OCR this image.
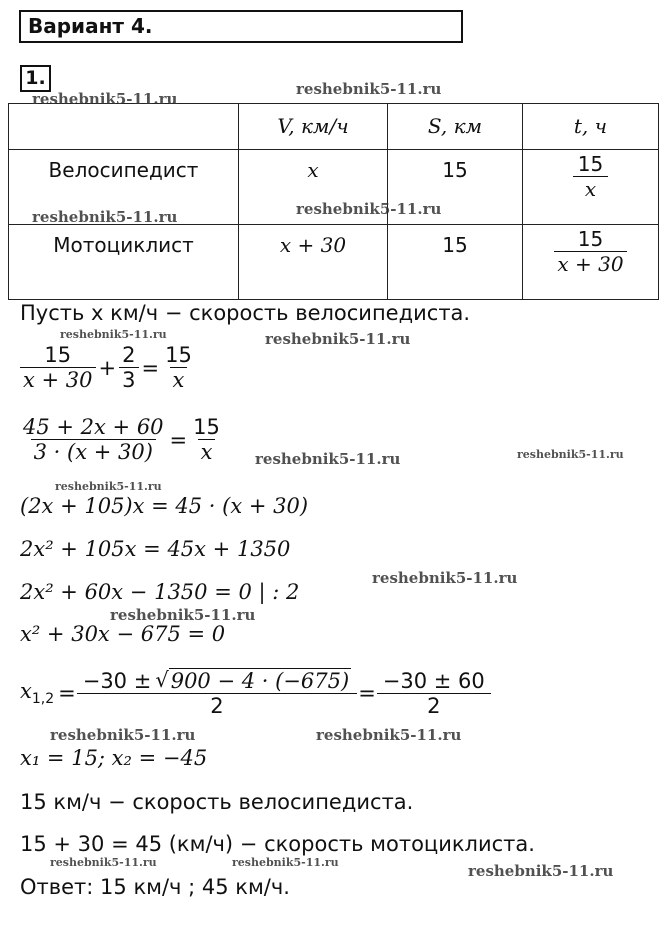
Вариант 4.
1.
	V, км/ч	S, км	t, ч
Велосипедист	x	15	$\frac{15}{x}$

Мотоциклист	x + 30	15	$\frac{15}{x + 30}$
Пусть x км/ч − скорость велосипедиста.
$\frac{15}{x + 30} + \frac{2}{3} = \frac{15}{x}$
$\frac{45 + 2x + 60}{3 \cdot (x + 30)} = \frac{15}{x}$
(2x + 105)x = 45 · (x + 30)
2x² + 105x = 45x + 1350
2x² + 60x − 1350 = 0 | : 2
x² + 30x − 675 = 0
$x_{1,2} = \frac{-30 \pm √ 900 - 4 \cdot (-675)}{2} = \frac{-30 \pm 60}{2}$
x₁ = 15; x₂ = −45
15 км/ч − скорость велосипедиста.
15 + 30 = 45 (км/ч) − скорость мотоциклиста.
Ответ: 15 км/ч ; 45 км/ч.
reshebnik5-11.ru
reshebnik5-11.ru
reshebnik5-11.ru	reshebnik5-11.ru
reshebnik5-11.ru	reshebnik5-11.ru
reshebnik5-11.ru	reshebnik5-11.ru
reshebnik5-11.ru
reshebnik5-11.ru
reshebnik5-11.ru
reshebnik5-11.ru	reshebnik5-11.ru
reshebnik5-11.ru	reshebnik5-11.ru	reshebnik5-11.ru
